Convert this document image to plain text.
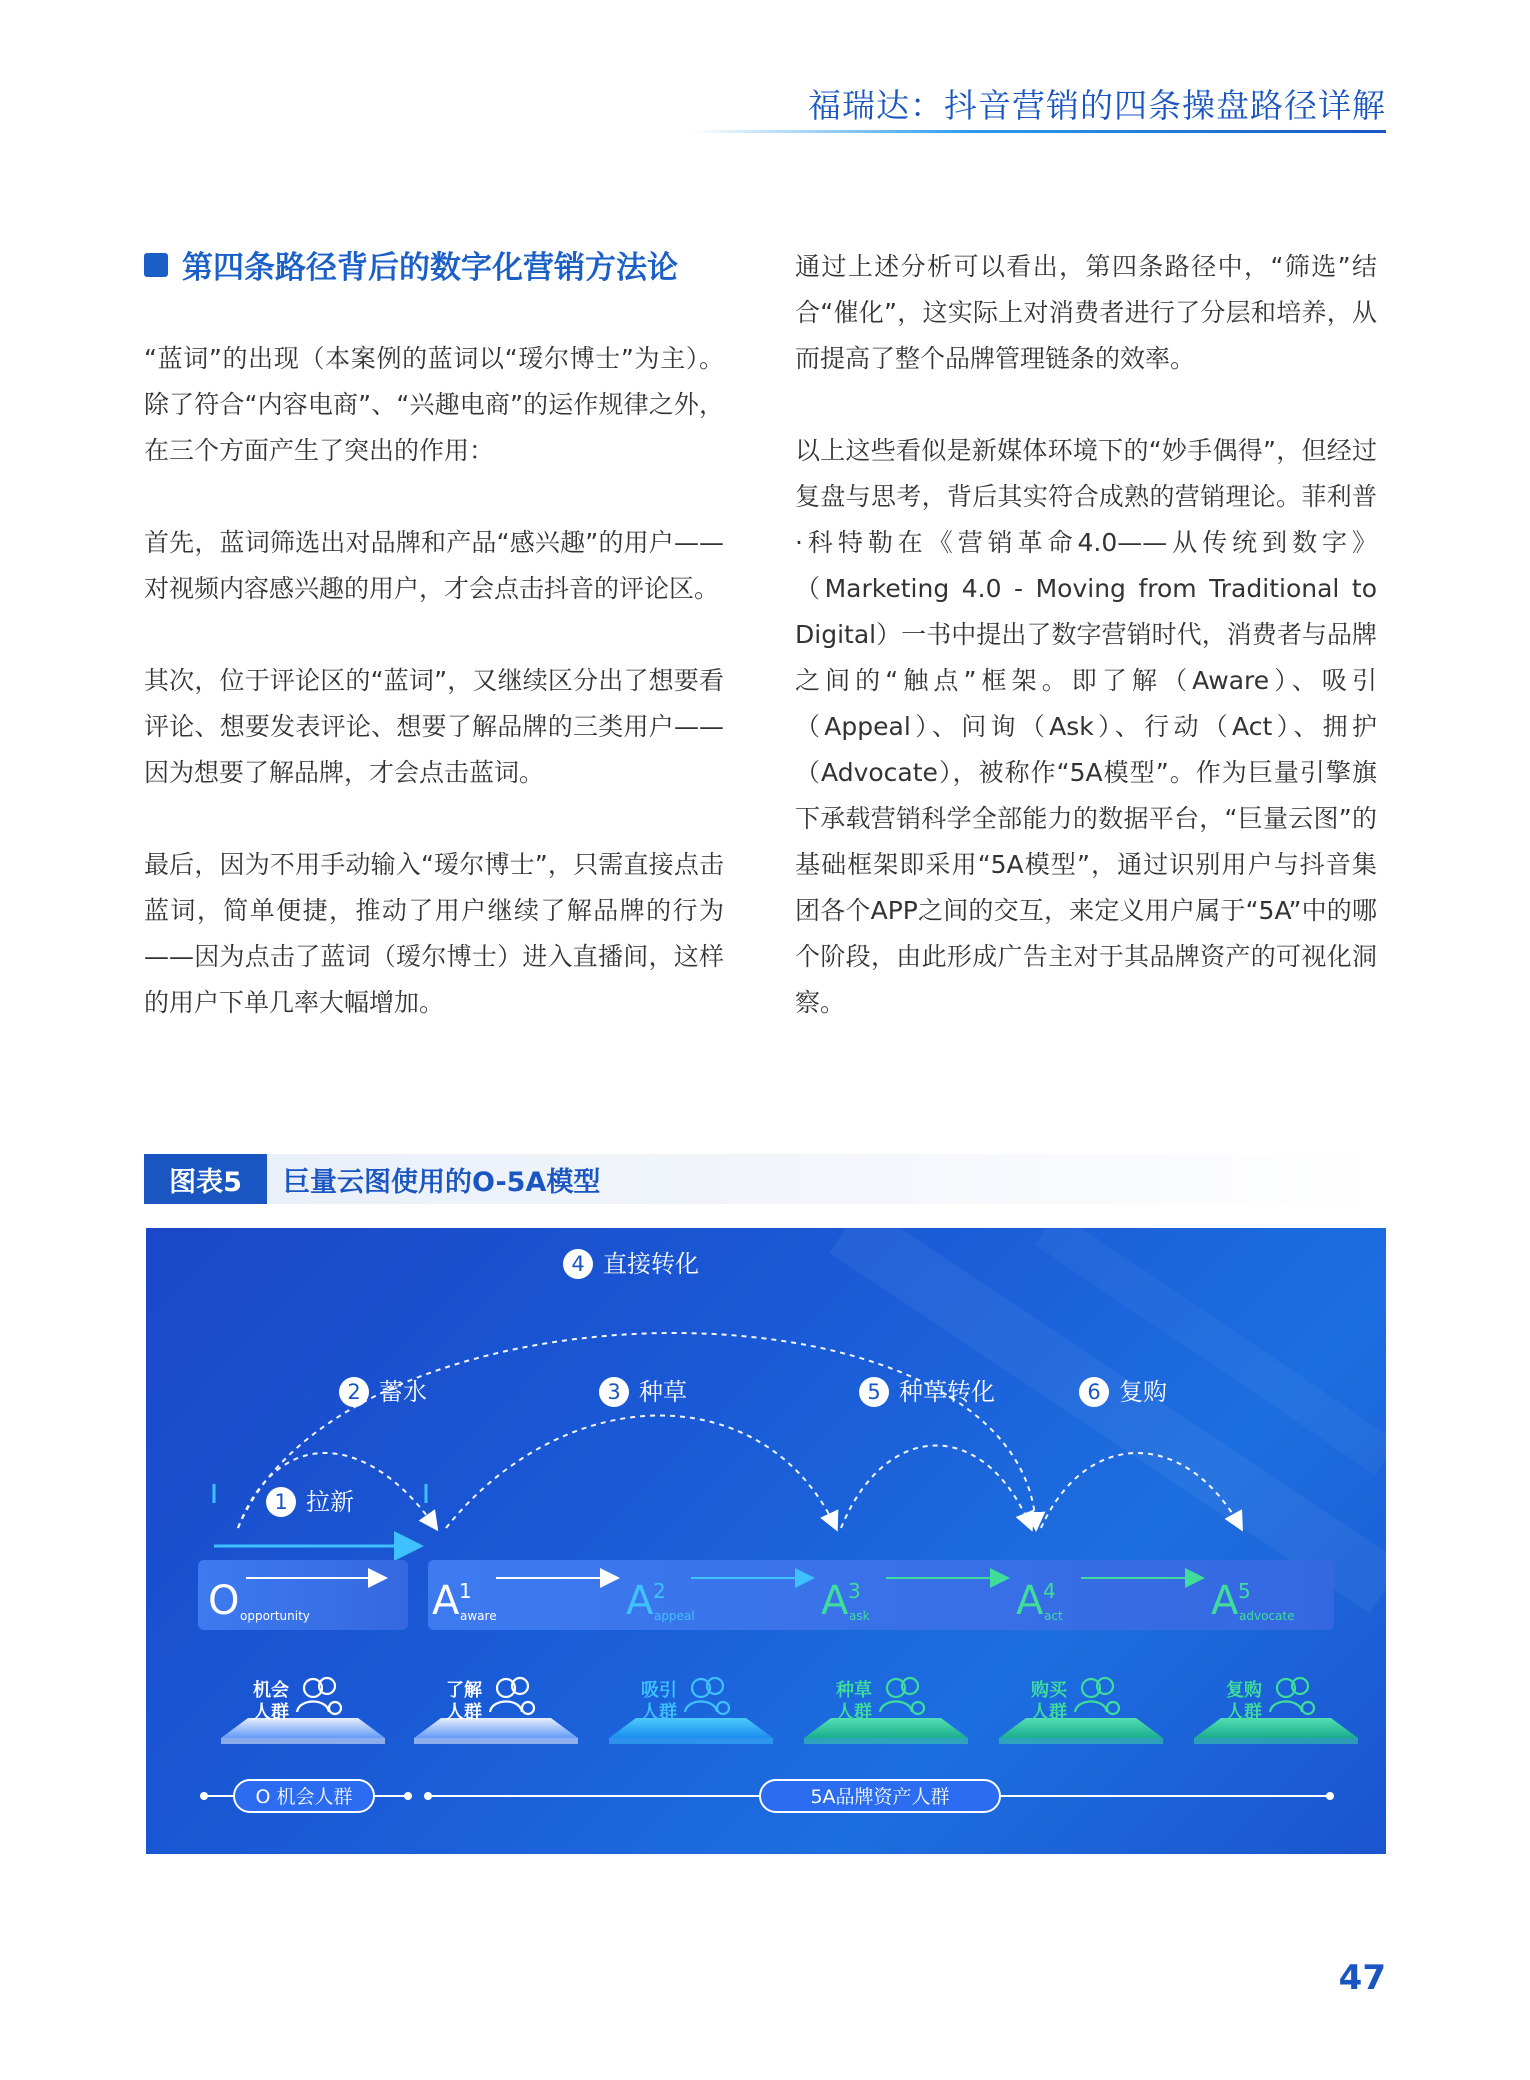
福瑞达：抖音营销的四条操盘路径详解
第四条路径背后的数字化营销方法论

“蓝词”的出现（本案例的蓝词以“瑷尔博士”为主）。除了符合“内容电商”、“兴趣电商”的运作规律之外，在三个方面产生了突出的作用：

首先，蓝词筛选出对品牌和产品“感兴趣”的用户——对视频内容感兴趣的用户，才会点击抖音的评论区。

其次，位于评论区的“蓝词”，又继续区分出了想要看评论、想要发表评论、想要了解品牌的三类用户——因为想要了解品牌，才会点击蓝词。

最后，因为不用手动输入“瑷尔博士”，只需直接点击蓝词，简单便捷，推动了用户继续了解品牌的行为——因为点击了蓝词（瑷尔博士）进入直播间，这样的用户下单几率大幅增加。

通过上述分析可以看出，第四条路径中，“筛选”结合“催化”，这实际上对消费者进行了分层和培养，从而提高了整个品牌管理链条的效率。

以上这些看似是新媒体环境下的“妙手偶得”，但经过复盘与思考，背后其实符合成熟的营销理论。菲利普·科特勒在《营销革命4.0——从传统到数字》（Marketing 4.0 - Moving from Traditional to Digital）一书中提出了数字营销时代，消费者与品牌之间的“触点”框架。即了解（Aware）、吸引（Appeal）、问询（Ask）、行动（Act）、拥护（Advocate），被称作“5A模型”。作为巨量引擎旗下承载营销科学全部能力的数据平台，“巨量云图”的基础框架即采用“5A模型”，通过识别用户与抖音集团各个APP之间的交互，来定义用户属于“5A”中的哪个阶段，由此形成广告主对于其品牌资产的可视化洞察。

图表5	巨量云图使用的O-5A模型
1 拉新
2 蓄水	3 种草
4 直接转化
5 种草转化	6 复购
O opportunity	A 1
aware	A 2
appeal	A 3
ask	A 4
act	A 5
advocate
机会
人群
了解
人群
吸引
人群
种草
人群
购买
人群
复购
人群
O 机会人群	5A品牌资产人群
47
